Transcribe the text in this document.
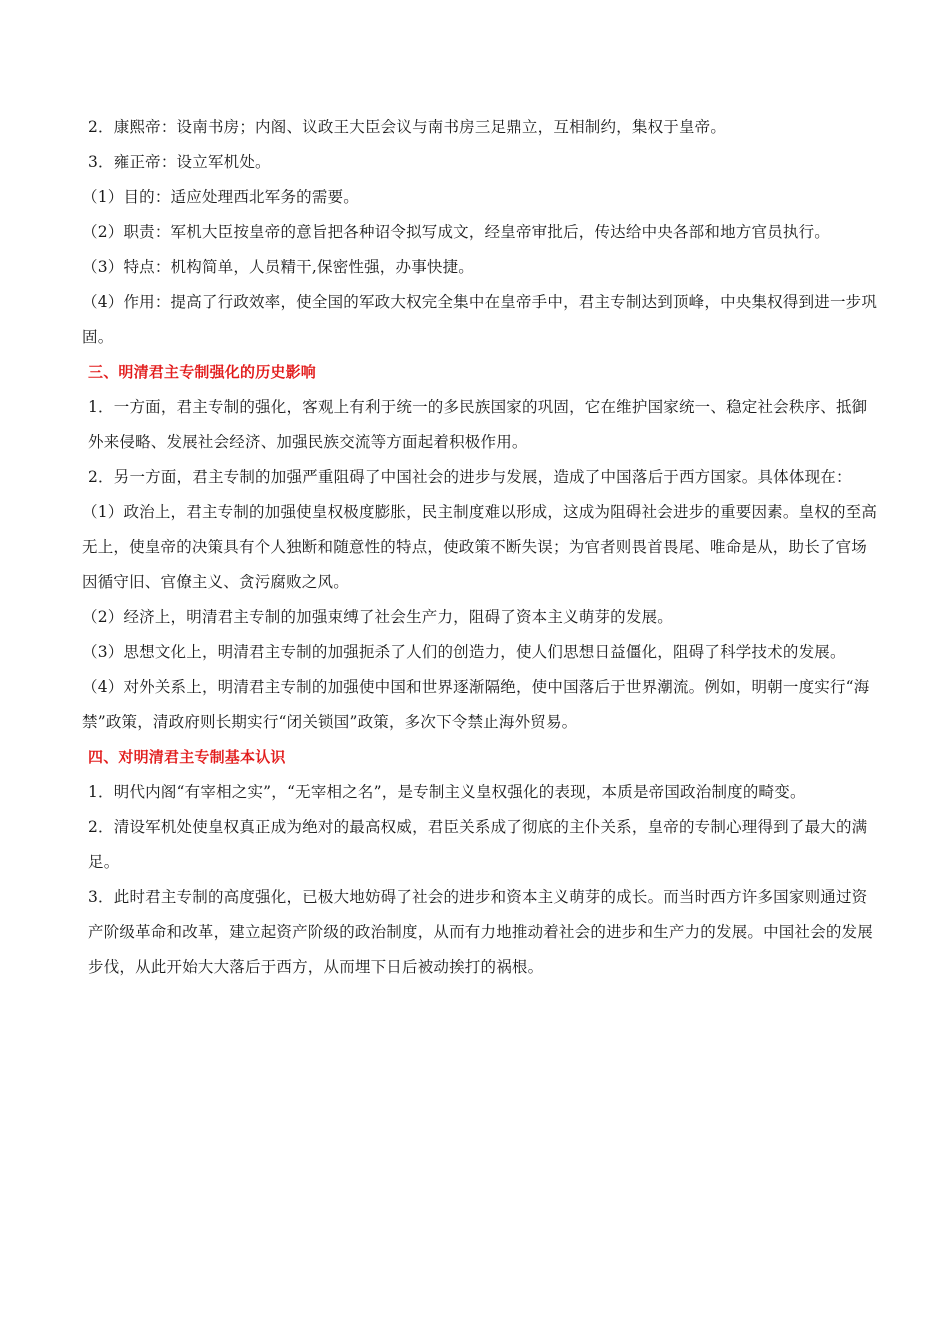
2．康熙帝：设南书房；内阁、议政王大臣会议与南书房三足鼎立，互相制约，集权于皇帝。

3．雍正帝：设立军机处。

（1）目的：适应处理西北军务的需要。

（2）职责：军机大臣按皇帝的意旨把各种诏令拟写成文，经皇帝审批后，传达给中央各部和地方官员执行。

（3）特点：机构简单，人员精干,保密性强，办事快捷。

（4）作用：提高了行政效率，使全国的军政大权完全集中在皇帝手中，君主专制达到顶峰，中央集权得到进一步巩固。

三、明清君主专制强化的历史影响

1．一方面，君主专制的强化，客观上有利于统一的多民族国家的巩固，它在维护国家统一、稳定社会秩序、抵御外来侵略、发展社会经济、加强民族交流等方面起着积极作用。

2．另一方面，君主专制的加强严重阻碍了中国社会的进步与发展，造成了中国落后于西方国家。具体体现在：

（1）政治上，君主专制的加强使皇权极度膨胀，民主制度难以形成，这成为阻碍社会进步的重要因素。皇权的至高无上，使皇帝的决策具有个人独断和随意性的特点，使政策不断失误；为官者则畏首畏尾、唯命是从，助长了官场因循守旧、官僚主义、贪污腐败之风。

（2）经济上，明清君主专制的加强束缚了社会生产力，阻碍了资本主义萌芽的发展。

（3）思想文化上，明清君主专制的加强扼杀了人们的创造力，使人们思想日益僵化，阻碍了科学技术的发展。

（4）对外关系上，明清君主专制的加强使中国和世界逐渐隔绝，使中国落后于世界潮流。例如，明朝一度实行“海禁”政策，清政府则长期实行“闭关锁国”政策，多次下令禁止海外贸易。

四、对明清君主专制基本认识

1．明代内阁“有宰相之实”，“无宰相之名”，是专制主义皇权强化的表现，本质是帝国政治制度的畸变。

2．清设军机处使皇权真正成为绝对的最高权威，君臣关系成了彻底的主仆关系，皇帝的专制心理得到了最大的满足。

3．此时君主专制的高度强化，已极大地妨碍了社会的进步和资本主义萌芽的成长。而当时西方许多国家则通过资产阶级革命和改革，建立起资产阶级的政治制度，从而有力地推动着社会的进步和生产力的发展。中国社会的发展步伐，从此开始大大落后于西方，从而埋下日后被动挨打的祸根。
